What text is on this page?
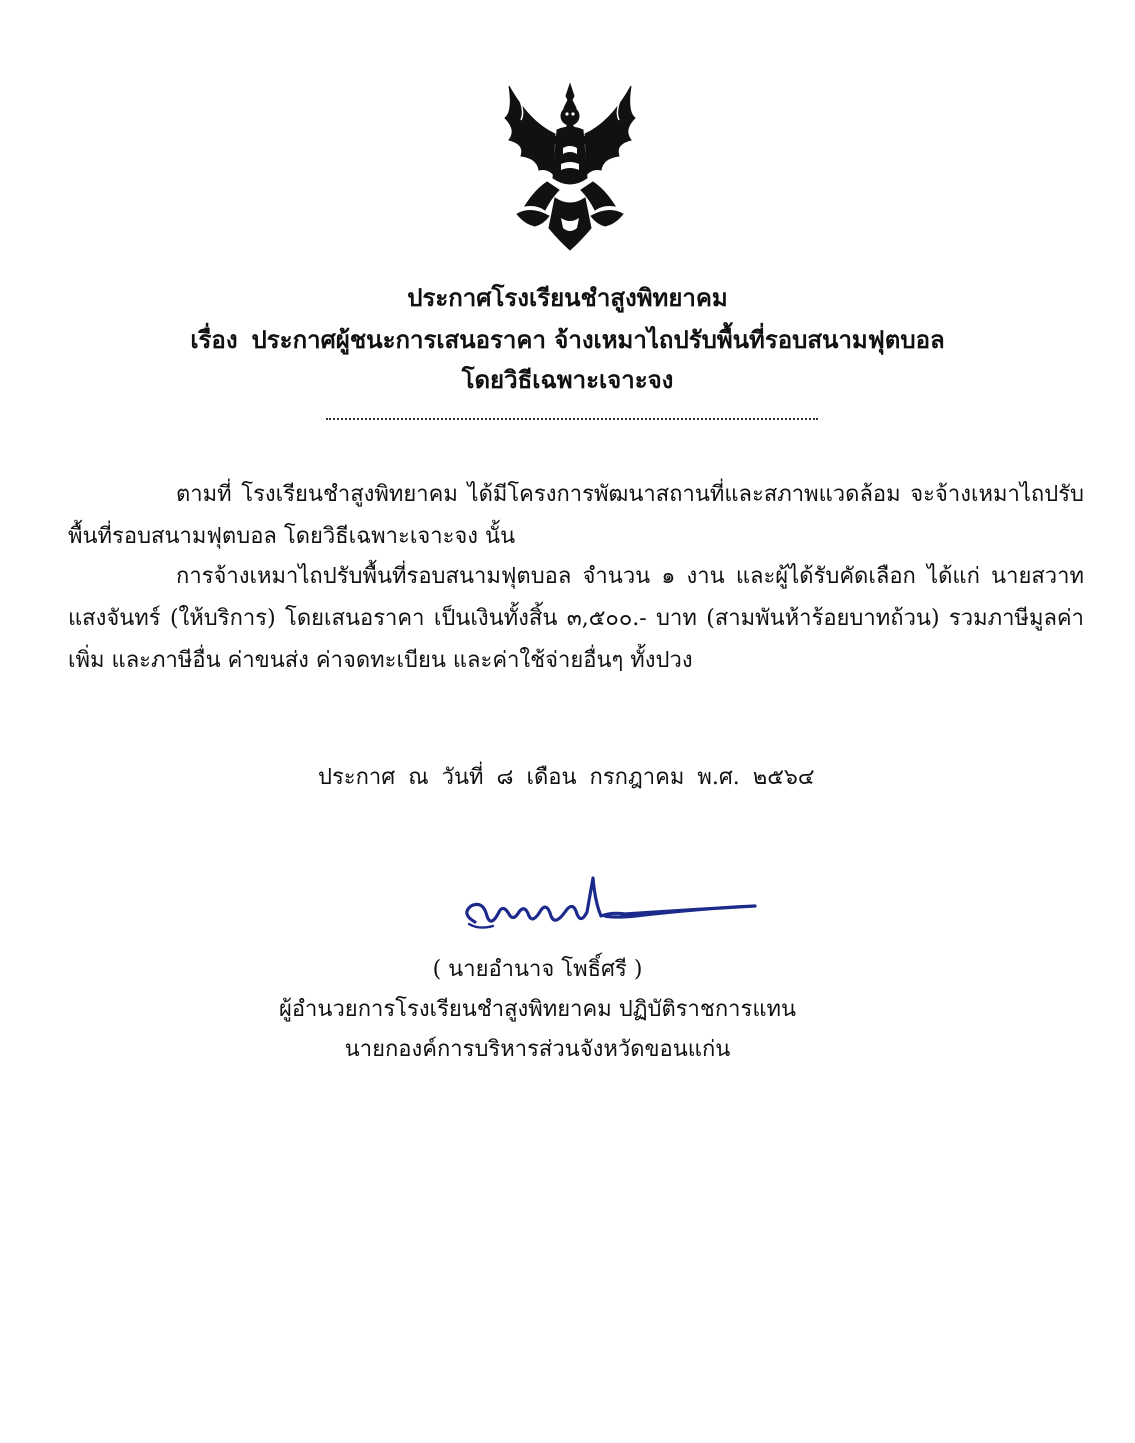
ประกาศโรงเรียนชำสูงพิทยาคม
เรื่อง ประกาศผู้ชนะการเสนอราคา จ้างเหมาไถปรับพื้นที่รอบสนามฟุตบอล
โดยวิธีเฉพาะเจาะจง

ตามที่ โรงเรียนชำสูงพิทยาคม ได้มีโครงการพัฒนาสถานที่และสภาพแวดล้อม จะจ้างเหมาไถปรับพื้นที่รอบสนามฟุตบอล โดยวิธีเฉพาะเจาะจง นั้น

การจ้างเหมาไถปรับพื้นที่รอบสนามฟุตบอล จำนวน ๑ งาน และผู้ได้รับคัดเลือก ได้แก่ นายสวาท แสงจันทร์ (ให้บริการ) โดยเสนอราคา เป็นเงินทั้งสิ้น ๓,๕๐๐.- บาท (สามพันห้าร้อยบาทถ้วน) รวมภาษีมูลค่าเพิ่ม และภาษีอื่น ค่าขนส่ง ค่าจดทะเบียน และค่าใช้จ่ายอื่นๆ ทั้งปวง

ประกาศ ณ วันที่ ๘ เดือน กรกฎาคม พ.ศ. ๒๕๖๔
( นายอำนาจ โพธิ์ศรี )
ผู้อำนวยการโรงเรียนชำสูงพิทยาคม ปฏิบัติราชการแทน
นายกองค์การบริหารส่วนจังหวัดขอนแก่น
